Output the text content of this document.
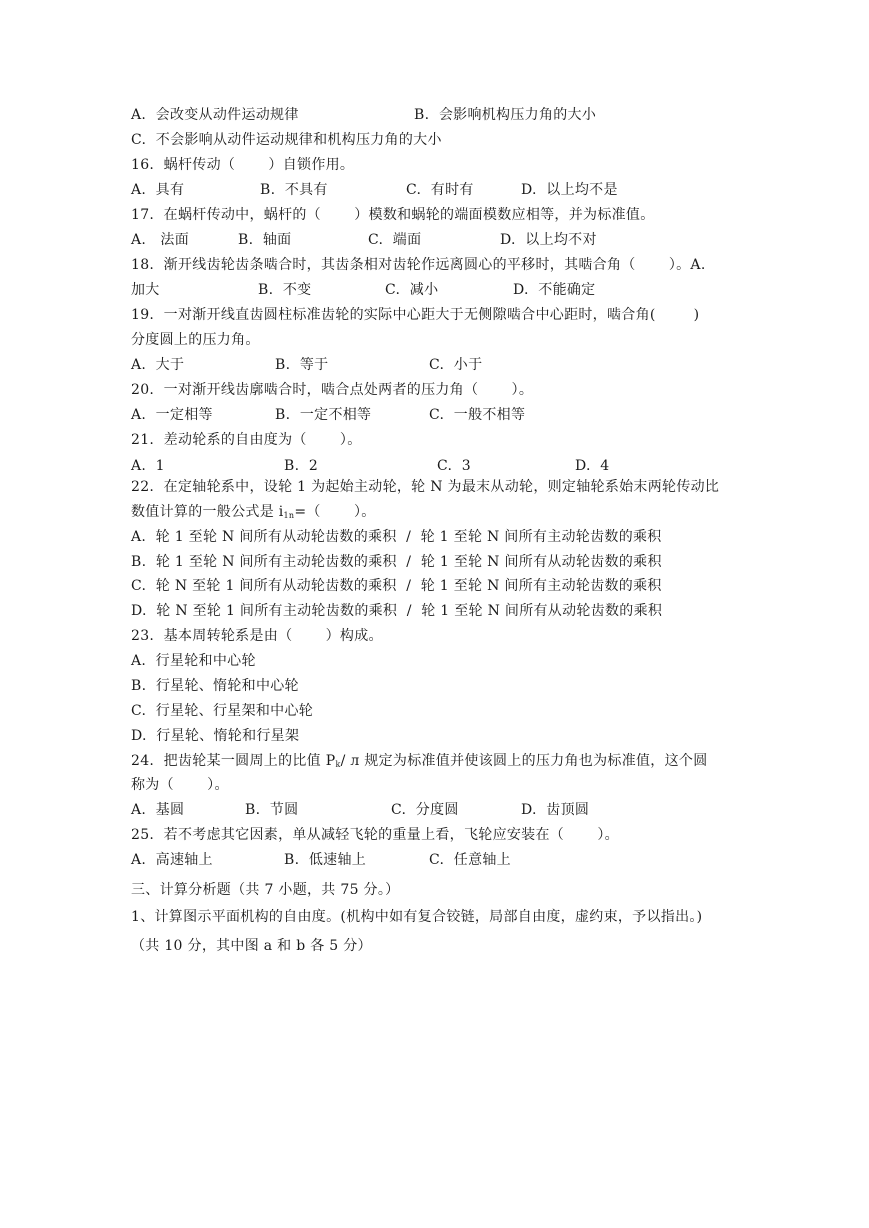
A.  会改变从动件运动规律	B.  会影响机构压力角的大小
C.  不会影响从动件运动规律和机构压力角的大小
16.  蜗杆传动（       ）自锁作用。
A.  具有	B.  不具有	C.  有时有	D.  以上均不是
17.  在蜗杆传动中，蜗杆的（       ）模数和蜗轮的端面模数应相等，并为标准值。
A.   法面	B.  轴面	C.  端面	D.  以上均不对
18.  渐开线齿轮齿条啮合时，其齿条相对齿轮作远离圆心的平移时，其啮合角（       ）。A.
加大	B.  不变	C.  减小	D.  不能确定
19.  一对渐开线直齿圆柱标准齿轮的实际中心距大于无侧隙啮合中心距时，啮合角(        )
分度圆上的压力角。
A.  大于	B.  等于	C.  小于
20.  一对渐开线齿廓啮合时，啮合点处两者的压力角（       ）。
A.  一定相等	B.  一定不相等	C.  一般不相等
21.  差动轮系的自由度为（       ）。
A.  1	B.  2	C.  3	D.  4
22.  在定轴轮系中，设轮 1 为起始主动轮，轮 N 为最末从动轮，则定轴轮系始末两轮传动比
数值计算的一般公式是 $i_{1n}=$（       ）。
A.  轮 1 至轮 N 间所有从动轮齿数的乘积  /  轮 1 至轮 N 间所有主动轮齿数的乘积
B.  轮 1 至轮 N 间所有主动轮齿数的乘积  /  轮 1 至轮 N 间所有从动轮齿数的乘积
C.  轮 N 至轮 1 间所有从动轮齿数的乘积  /  轮 1 至轮 N 间所有主动轮齿数的乘积
D.  轮 N 至轮 1 间所有主动轮齿数的乘积  /  轮 1 至轮 N 间所有从动轮齿数的乘积
23.  基本周转轮系是由（       ）构成。
A.  行星轮和中心轮
B.  行星轮、惰轮和中心轮
C.  行星轮、行星架和中心轮
D.  行星轮、惰轮和行星架
24.  把齿轮某一圆周上的比值 $P_k/$ л 规定为标准值并使该圆上的压力角也为标准值，这个圆
称为（       ）。
A.  基圆	B.  节圆	C.  分度圆	D.  齿顶圆
25.  若不考虑其它因素，单从减轻飞轮的重量上看，飞轮应安装在（       ）。
A.  高速轴上	B.  低速轴上	C.  任意轴上
三、计算分析题（共 7 小题，共 75 分。）
1、计算图示平面机构的自由度。(机构中如有复合铰链，局部自由度，虚约束，予以指出。)
（共 10 分，其中图 a 和 b 各 5 分）
